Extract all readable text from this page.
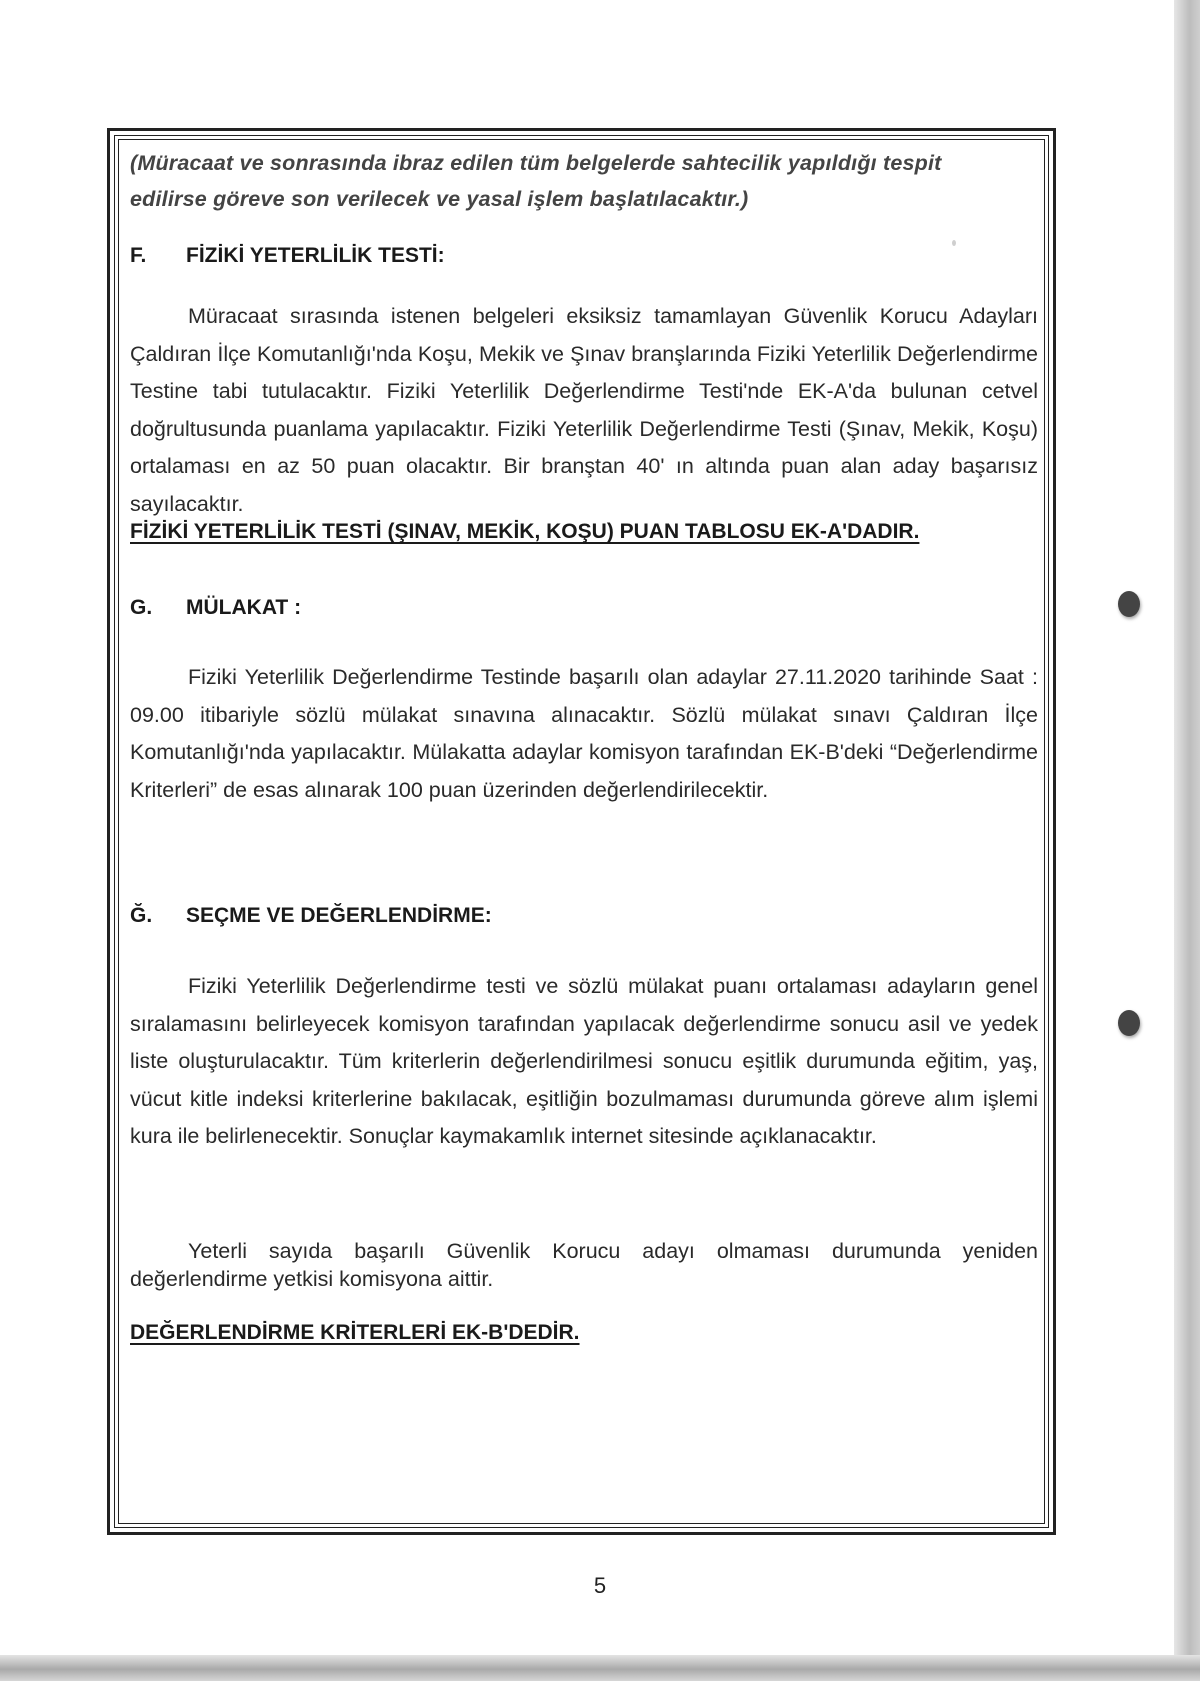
(Müracaat ve sonrasında ibraz edilen tüm belgelerde sahtecilik yapıldığı tespit
edilirse göreve son verilecek ve yasal işlem başlatılacaktır.)
F. FİZİKİ YETERLİLİK TESTİ:
Müracaat sırasında istenen belgeleri eksiksiz tamamlayan Güvenlik Korucu Adayları Çaldıran İlçe Komutanlığı'nda Koşu, Mekik ve Şınav branşlarında Fiziki Yeterlilik Değerlendirme Testine tabi tutulacaktır. Fiziki Yeterlilik Değerlendirme Testi'nde EK-A'da bulunan cetvel doğrultusunda puanlama yapılacaktır. Fiziki Yeterlilik Değerlendirme Testi (Şınav, Mekik, Koşu) ortalaması en az 50 puan olacaktır. Bir branştan 40' ın altında puan alan aday başarısız sayılacaktır.
FİZİKİ YETERLİLİK TESTİ (ŞINAV, MEKİK, KOŞU) PUAN TABLOSU EK-A'DADIR.
G. MÜLAKAT :
Fiziki Yeterlilik Değerlendirme Testinde başarılı olan adaylar 27.11.2020 tarihinde Saat : 09.00 itibariyle sözlü mülakat sınavına alınacaktır. Sözlü mülakat sınavı Çaldıran İlçe Komutanlığı'nda yapılacaktır. Mülakatta adaylar komisyon tarafından EK-B'deki “Değerlendirme Kriterleri” de esas alınarak 100 puan üzerinden değerlendirilecektir.
Ğ. SEÇME VE DEĞERLENDİRME:
Fiziki Yeterlilik Değerlendirme testi ve sözlü mülakat puanı ortalaması adayların genel sıralamasını belirleyecek komisyon tarafından yapılacak değerlendirme sonucu asil ve yedek liste oluşturulacaktır. Tüm kriterlerin değerlendirilmesi sonucu eşitlik durumunda eğitim, yaş, vücut kitle indeksi kriterlerine bakılacak, eşitliğin bozulmaması durumunda göreve alım işlemi kura ile belirlenecektir. Sonuçlar kaymakamlık internet sitesinde açıklanacaktır.
Yeterli sayıda başarılı Güvenlik Korucu adayı olmaması durumunda yeniden değerlendirme yetkisi komisyona aittir.
DEĞERLENDİRME KRİTERLERİ EK-B'DEDİR.
5
